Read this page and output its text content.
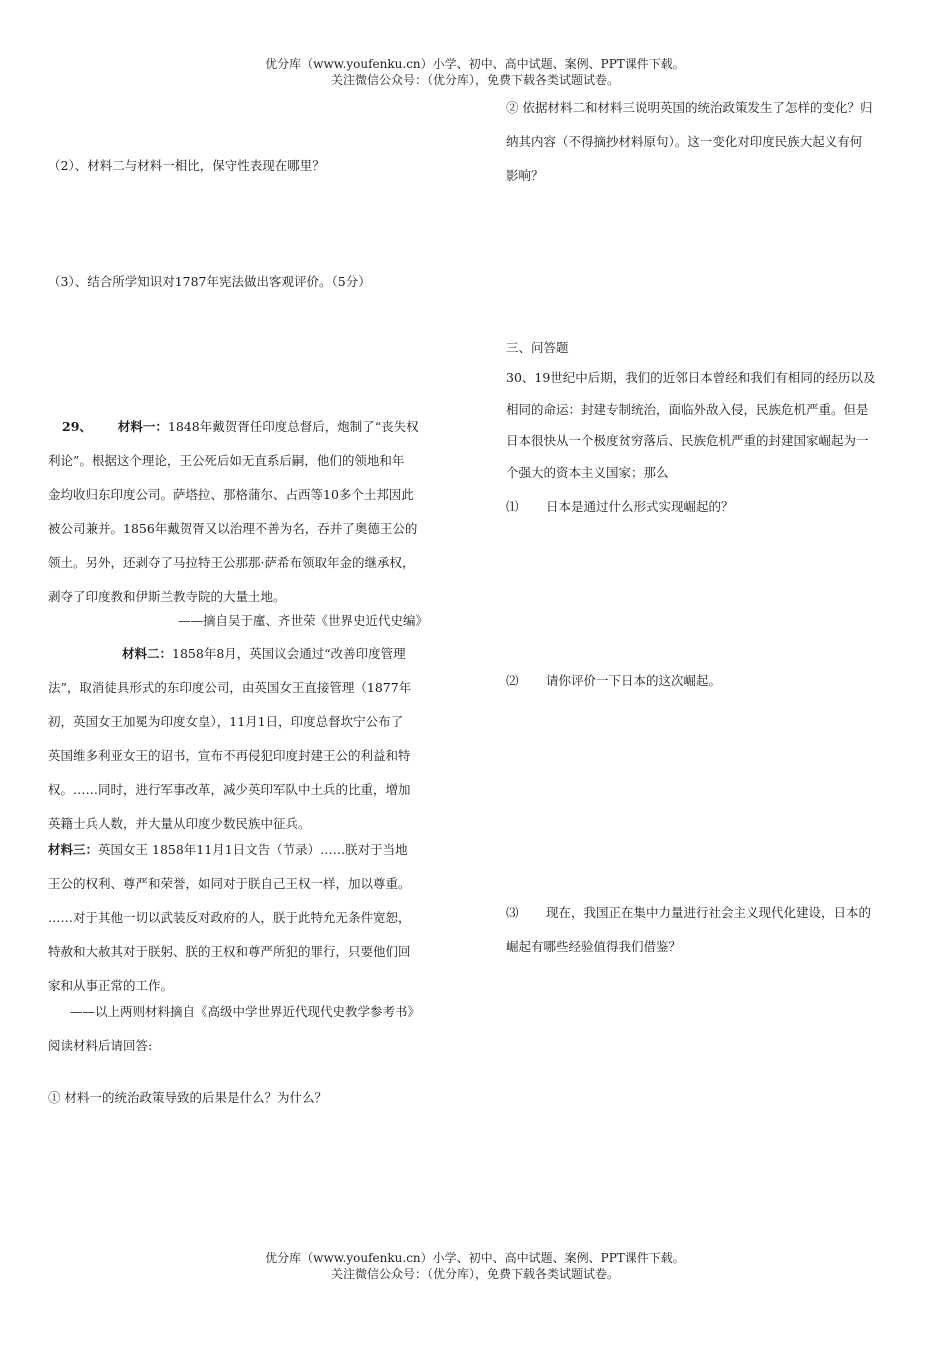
优分库（www.youfenku.cn）小学、初中、高中试题、案例、PPT课件下载。
关注微信公众号：（优分库），免费下载各类试题试卷。
（2）、材料二与材料一相比，保守性表现在哪里？
（3）、结合所学知识对1787年宪法做出客观评价。（5分）
29、 材料一：1848年戴贺胥任印度总督后，炮制了“丧失权
利论”。根据这个理论，王公死后如无直系后嗣，他们的领地和年
金均收归东印度公司。萨塔拉、那格蒲尔、占西等10多个土邦因此
被公司兼并。1856年戴贺胥又以治理不善为名，吞并了奥德王公的
领土。另外，还剥夺了马拉特王公那那·萨希布领取年金的继承权，
剥夺了印度教和伊斯兰教寺院的大量土地。
——摘自吴于廑、齐世荣《世界史近代史编》
材料二：1858年8月，英国议会通过“改善印度管理
法”，取消徒具形式的东印度公司，由英国女王直接管理（1877年
初，英国女王加冕为印度女皇），11月1日，印度总督坎宁公布了
英国维多利亚女王的诏书，宣布不再侵犯印度封建王公的利益和特
权。……同时，进行军事改革，减少英印军队中土兵的比重，增加
英籍士兵人数，并大量从印度少数民族中征兵。
材料三：英国女王 1858年11月1日文告（节录）……朕对于当地
王公的权利、尊严和荣誉，如同对于朕自己王权一样，加以尊重。
……对于其他一切以武装反对政府的人，朕于此特允无条件宽恕，
特赦和大赦其对于朕躬、朕的王权和尊严所犯的罪行，只要他们回
家和从事正常的工作。
——以上两则材料摘自《高级中学世界近代现代史教学参考书》
阅读材料后请回答:
① 材料一的统治政策导致的后果是什么？为什么？
② 依据材料二和材料三说明英国的统治政策发生了怎样的变化？归
纳其内容（不得摘抄材料原句）。这一变化对印度民族大起义有何
影响？
三、问答题
30、19世纪中后期，我们的近邻日本曾经和我们有相同的经历以及
相同的命运：封建专制统治，面临外敌入侵，民族危机严重。但是
日本很快从一个极度贫穷落后、民族危机严重的封建国家崛起为一
个强大的资本主义国家；那么
⑴ 日本是通过什么形式实现崛起的？
⑵ 请你评价一下日本的这次崛起。
⑶ 现在，我国正在集中力量进行社会主义现代化建设，日本的
崛起有哪些经验值得我们借鉴？
优分库（www.youfenku.cn）小学、初中、高中试题、案例、PPT课件下载。
关注微信公众号：（优分库），免费下载各类试题试卷。
